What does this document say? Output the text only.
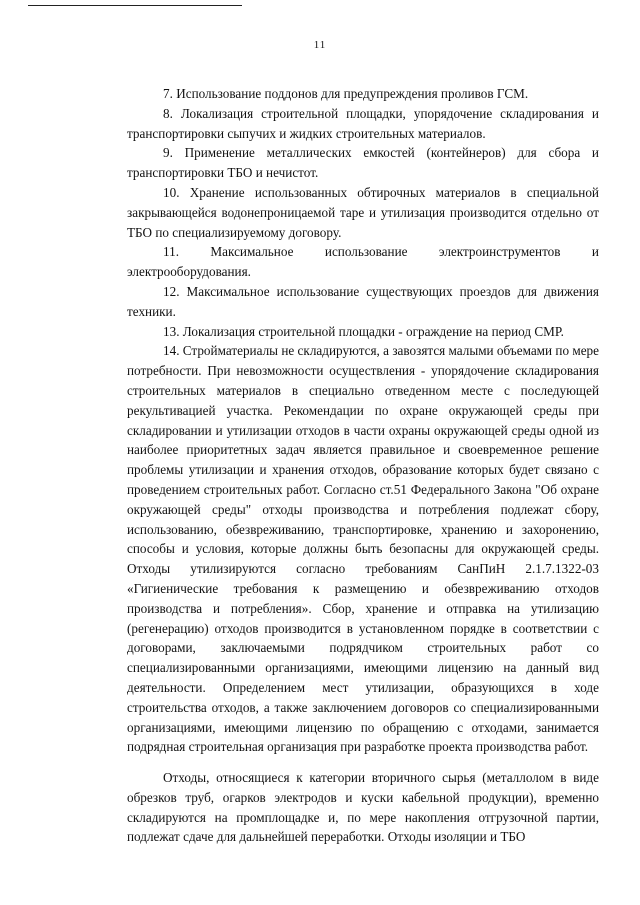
11

7. Использование поддонов для предупреждения проливов ГСМ.

8. Локализация строительной площадки, упорядочение складирования и транспортировки сыпучих и жидких строительных материалов.

9. Применение металлических емкостей (контейнеров) для сбора и транспортировки ТБО и нечистот.

10. Хранение использованных обтирочных материалов в специальной закрывающейся водонепроницаемой таре и утилизация производится отдельно от ТБО по специализируемому договору.

11. Максимальное использование электроинструментов и электрооборудования.

12. Максимальное использование существующих проездов для движения техники.

13. Локализация строительной площадки - ограждение на период СМР.

14. Стройматериалы не складируются, а завозятся малыми объемами по мере потребности. При невозможности осуществления - упорядочение складирования строительных материалов в специально отведенном месте с последующей рекультивацией участка. Рекомендации по охране окружающей среды при складировании и утилизации отходов в части охраны окружающей среды одной из наиболее приоритетных задач является правильное и своевременное решение проблемы утилизации и хранения отходов, образование которых будет связано с проведением строительных работ. Согласно ст.51 Федерального Закона "Об охране окружающей среды" отходы производства и потребления подлежат сбору, использованию, обезвреживанию, транспортировке, хранению и захоронению, способы и условия, которые должны быть безопасны для окружающей среды. Отходы утилизируются согласно требованиям СанПиН 2.1.7.1322-03 «Гигиенические требования к размещению и обезвреживанию отходов производства и потребления». Сбор, хранение и отправка на утилизацию (регенерацию) отходов производится в установленном порядке в соответствии с договорами, заключаемыми подрядчиком строительных работ со специализированными организациями, имеющими лицензию на данный вид деятельности. Определением мест утилизации, образующихся в ходе строительства отходов, а также заключением договоров со специализированными организациями, имеющими лицензию по обращению с отходами, занимается подрядная строительная организация при разработке проекта производства работ.

Отходы, относящиеся к категории вторичного сырья (металлолом в виде обрезков труб, огарков электродов и куски кабельной продукции), временно складируются на промплощадке и, по мере накопления отгрузочной партии, подлежат сдаче для дальнейшей переработки. Отходы изоляции и ТБО
